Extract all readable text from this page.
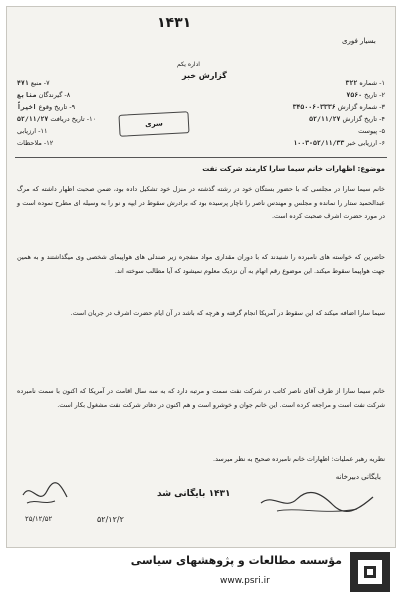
۱۴۳۱
بسیار فوری
اداره یکم
گزارش خبر
۱- شماره ۳۲۲
۲- تاریخ ۷۵۶۰
۳- شماره گزارش ۳۴۵۰۰۶۰۳۳۳۶
۴- تاریخ گزارش ۵۲/۱۱/۲۷
۵- پیوست
۶- ارزیابی خبر ۵۲/۱۱/۳۳-۱۰۰۳
۷- منبع ۴۷۱
۸- گیرندگان منابع
۹- تاریخ وقوع اخیراً
۱۰- تاریخ دریافت ۵۲/۱۱/۲۷
۱۱- ارزیابی
۱۲- ملاحظات
سری
موضوع: اظهارات خانم سیما سارا کارمند شرکت نفت
خانم سیما سارا در مجلسی که با حضور بستگان خود در رشته گذشته در منزل خود تشکیل داده بود، ضمن صحبت اظهار داشته که مرگ عبدالحمید ستار را نمانده و مجلس و مهندس ناصر را ناچار پرسیده بود که برادرش سقوط در ایپه و نو را به وسیله ای مطرح نموده است و در مورد حضرت اشرف صحبت کرده است.
حاضرین که خواسته های نامبرده را شنیدند که با دوران مقداری مواد منفجره زیر صندلی های هواپیمای شخصی وی میگذاشتند و به همین جهت هواپیما سقوط میکند. این موضوع رقم اتهام به آن نزدیک معلوم نمیشود که آیا مطالب سوخته اند.
سیما سارا اضافه میکند که این سقوط در آمریکا انجام گرفته و هرچه که باشد در آن ایام حضرت اشرف در جریان است.
خانم سیما سارا از طرف آقای ناصر کاتب در شرکت نفت سمت و مرتبه دارد که به سه سال اقامت در آمریکا که اکنون با سمت نامبرده شرکت نفت است و مراجعه کرده است. این خانم جوان و خوشرو است و هم اکنون در دفاتر شرکت نفت مشغول بکار است.
نظریه رهبر عملیات: اظهارات خانم نامبرده صحیح به نظر میرسد.
بایگانی دبیرخانه
۱۴۳۱ بایگانی شد
۵۲/۱۲/۲
۲۵/۱۲/۵۲
مؤسسه مطالعات و پژوهشهای سیاسی
www.psri.ir
